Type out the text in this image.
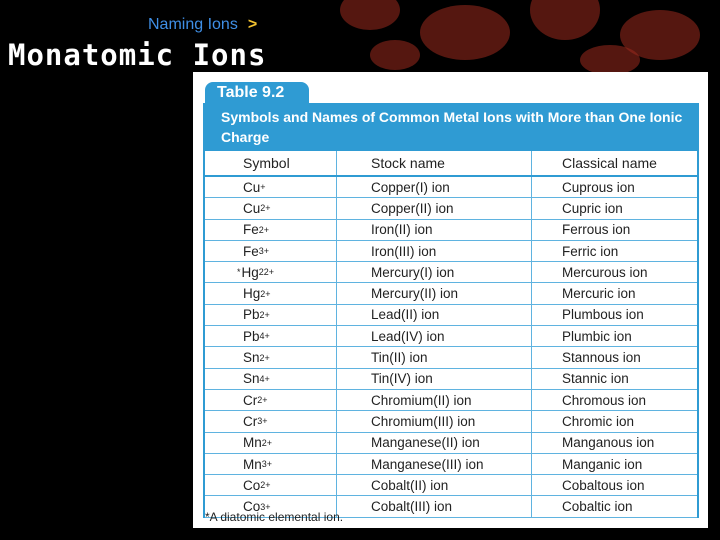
Naming Ions >
Monatomic Ions
Table 9.2
Symbols and Names of Common Metal Ions with More than One Ionic Charge
Symbol	Stock name	Classical name
Cu +	Copper(I) ion	Cuprous ion
Cu 2+	Copper(II) ion	Cupric ion
Fe 2+	Iron(II) ion	Ferrous ion
Fe 3+	Iron(III) ion	Ferric ion
* Hg 2 2+	Mercury(I) ion	Mercurous ion
Hg 2+	Mercury(II) ion	Mercuric ion
Pb 2+	Lead(II) ion	Plumbous ion
Pb 4+	Lead(IV) ion	Plumbic ion
Sn 2+	Tin(II) ion	Stannous ion
Sn 4+	Tin(IV) ion	Stannic ion
Cr 2+	Chromium(II) ion	Chromous ion
Cr 3+	Chromium(III) ion	Chromic ion
Mn 2+	Manganese(II) ion	Manganous ion
Mn 3+	Manganese(III) ion	Manganic ion
Co 2+	Cobalt(II) ion	Cobaltous ion
Co 3+	Cobalt(III) ion	Cobaltic ion
*A diatomic elemental ion.
